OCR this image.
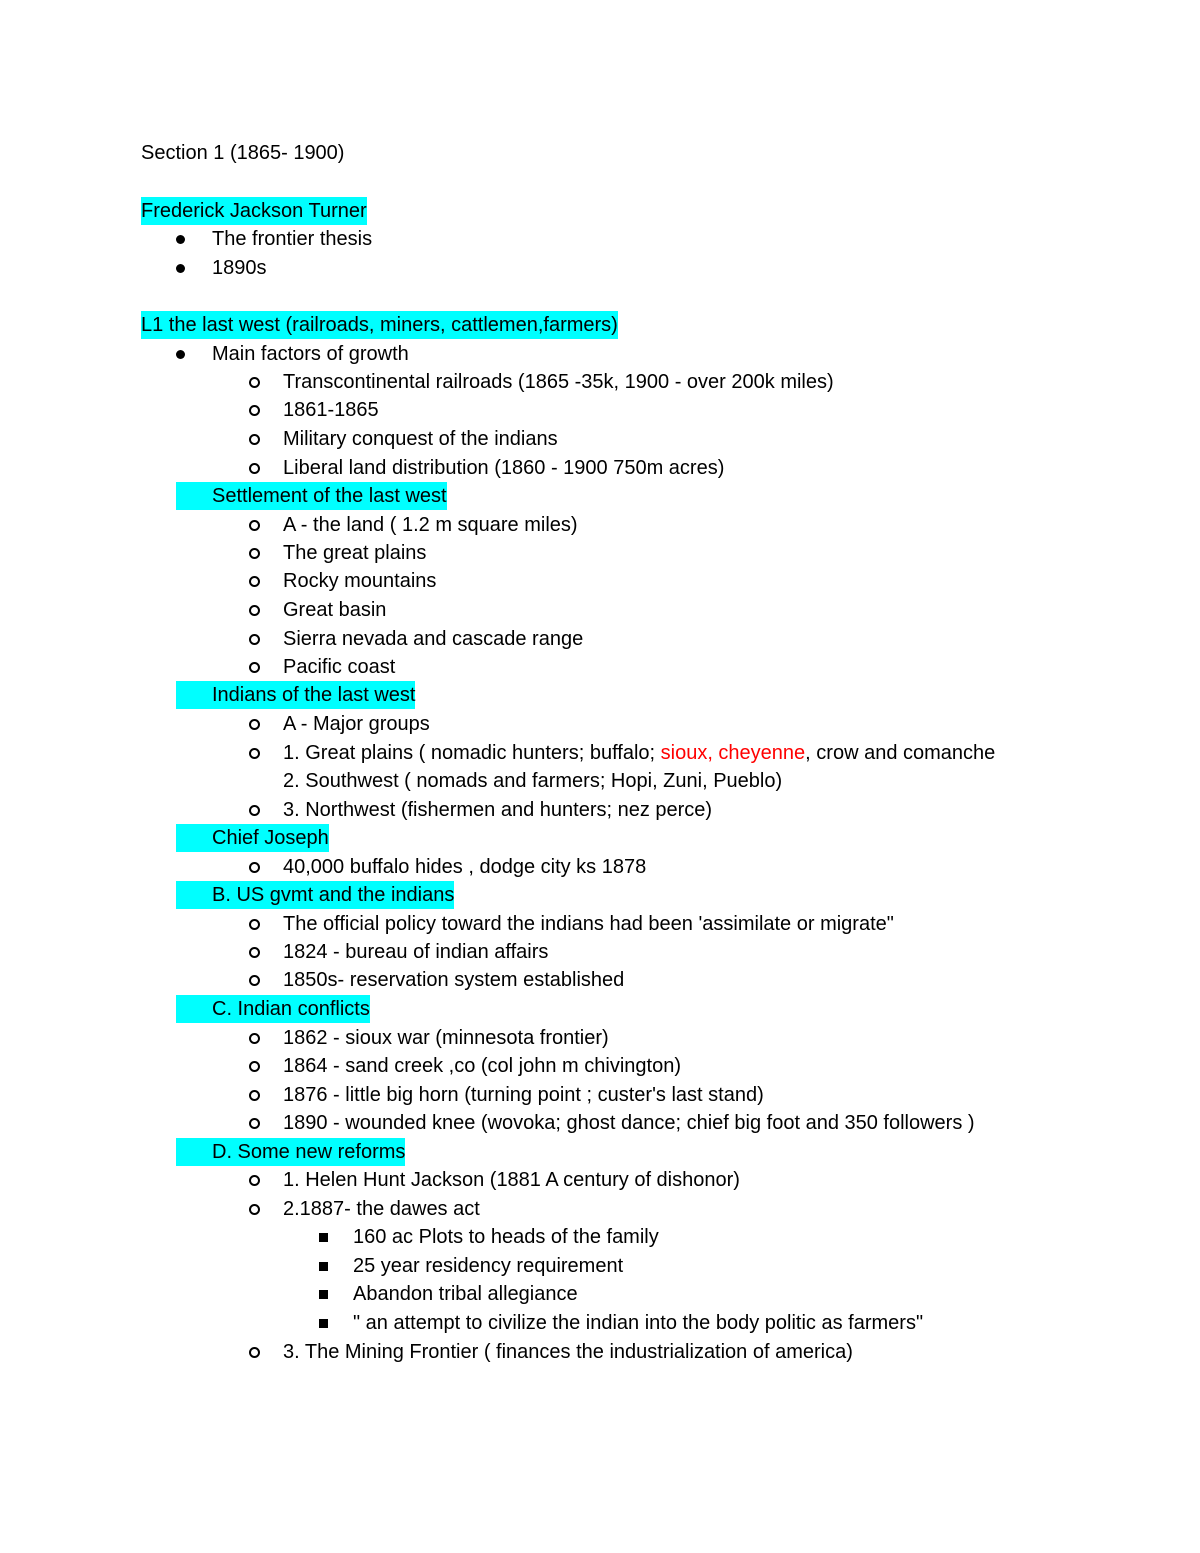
Section 1 (1865- 1900)
Frederick Jackson Turner
The frontier thesis
1890s
L1 the last west (railroads, miners, cattlemen,farmers)
Main factors of growth
Transcontinental railroads (1865 -35k, 1900 - over 200k miles)
1861-1865
Military conquest of the indians
Liberal land distribution (1860 - 1900 750m acres)
Settlement of the last west
A - the land ( 1.2 m square miles)
The great plains
Rocky mountains
Great basin
Sierra nevada and cascade range
Pacific coast
Indians of the last west
A - Major groups
1. Great plains ( nomadic hunters; buffalo; sioux, cheyenne, crow and comanche
2. Southwest ( nomads and farmers; Hopi, Zuni, Pueblo)
3. Northwest (fishermen and hunters; nez perce)
Chief Joseph
40,000 buffalo hides , dodge city ks 1878
B. US gvmt and the indians
The official policy toward the indians had been 'assimilate or migrate"
1824 - bureau of indian affairs
1850s- reservation system established
C. Indian conflicts
1862 - sioux war (minnesota frontier)
1864 - sand creek ,co (col john m chivington)
1876 - little big horn (turning point ; custer's last stand)
1890 - wounded knee (wovoka; ghost dance; chief big foot and 350 followers )
D. Some new reforms
1. Helen Hunt Jackson (1881 A century of dishonor)
2.1887- the dawes act
160 ac Plots to heads of the family
25 year residency requirement
Abandon tribal allegiance
" an attempt to civilize the indian into the body politic as farmers"
3. The Mining Frontier ( finances the industrialization of america)
